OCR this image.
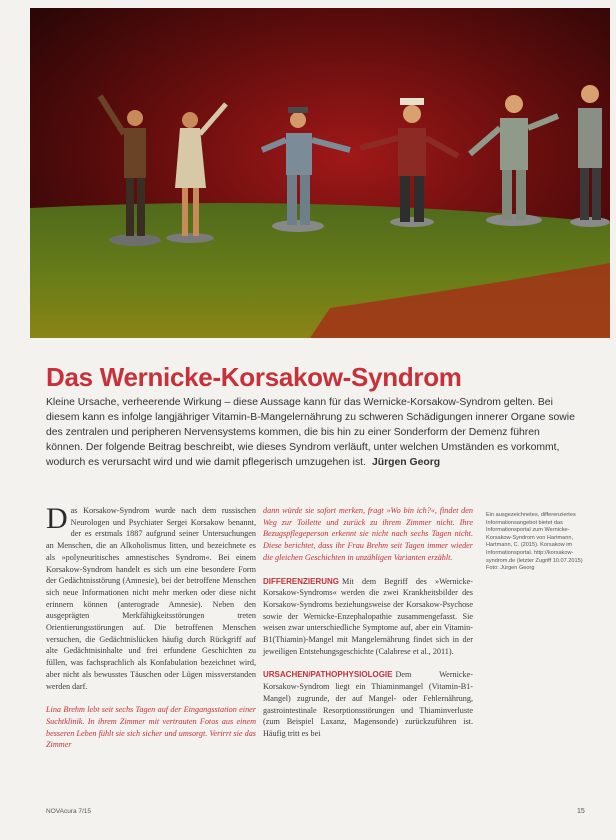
Das Wernicke-Korsakow-Syndrom

Kleine Ursache, verheerende Wirkung – diese Aussage kann für das Wernicke-Korsakow-Syndrom gelten. Bei diesem kann es infolge langjähriger Vitamin-B-Mangelernährung zu schweren Schädigungen innerer Organe sowie des zentralen und peripheren Nervensystems kommen, die bis hin zu einer Sonderform der Demenz führen können. Der folgende Beitrag beschreibt, wie dieses Syndrom verläuft, unter welchen Umständen es vorkommt, wodurch es verursacht wird und wie damit pflegerisch umzugehen ist. Jürgen Georg

Das Korsakow-Syndrom wurde nach dem russischen Neurologen und Psychiater Sergei Korsakow benannt, der es erstmals 1887 aufgrund seiner Untersuchungen an Menschen, die an Alkoholismus litten, und bezeichnete es als »polyneuritisches amnestisches Syndrom«. Bei einem Korsakow-Syndrom handelt es sich um eine besondere Form der Gedächtnisstörung (Amnesie), bei der betroffene Menschen sich neue Informationen nicht mehr merken oder diese nicht erinnern können (anterograde Amnesie). Neben den ausgeprägten Merkfähigkeitsstörungen treten Orientierungsstörungen auf. Die betroffenen Menschen versuchen, die Gedächtnislücken häufig durch Rückgriff auf alte Gedächtnisinhalte und frei erfundene Geschichten zu füllen, was fachsprachlich als Konfabulation bezeichnet wird, aber nicht als bewusstes Täuschen oder Lügen missverstanden werden darf.

Lina Brehm lebt seit sechs Tagen auf der Eingangsstation einer Suchtklinik. In ihrem Zimmer mit vertrauten Fotos aus einem besseren Leben fühlt sie sich sicher und umsorgt. Verirrt sie das Zimmer

dann würde sie sofort merken, fragt »Wo bin ich?«, findet den Weg zur Toilette und zurück zu ihrem Zimmer nicht. Ihre Bezugspflegeperson erkennt sie nicht nach sechs Tagen nicht. Diese berichtet, dass ihr Frau Brehm seit Tagen immer wieder die gleichen Geschichten in unzähligen Varianten erzählt.

DIFFERENZIERUNG Mit dem Begriff des »Wernicke-Korsakow-Syndroms« werden die zwei Krankheitsbilder des Korsakow-Syndroms beziehungsweise der Korsakow-Psychose sowie der Wernicke-Enzephalopathie zusammengefasst. Sie weisen zwar unterschiedliche Symptome auf, aber ein Vitamin-B1(Thiamin)-Mangel mit Mangelernährung findet sich in der jeweiligen Entstehungsgeschichte (Calabrese et al., 2011).

URSACHEN/PATHOPHYSIOLOGIE Dem Wernicke-Korsakow-Syndrom liegt ein Thiaminmangel (Vitamin-B1-Mangel) zugrunde, der auf Mangel- oder Fehlernährung, gastrointestinale Resorptionsstörungen und Thiaminverluste (zum Beispiel Laxanz, Magensonde) zurückzuführen ist. Häufig tritt es bei

Ein ausgezeichnetes, differenziertes Informationsangebot bietet das Informationsportal zum Wernicke-Korsakow-Syndrom von Hartmann, Hartmann, C. (2015). Korsakow im Informationsportal. http://korsakow-syndrom.de (letzter Zugriff 10.07.2015) Foto: Jürgen Georg

NOVAcura 7/15	15
